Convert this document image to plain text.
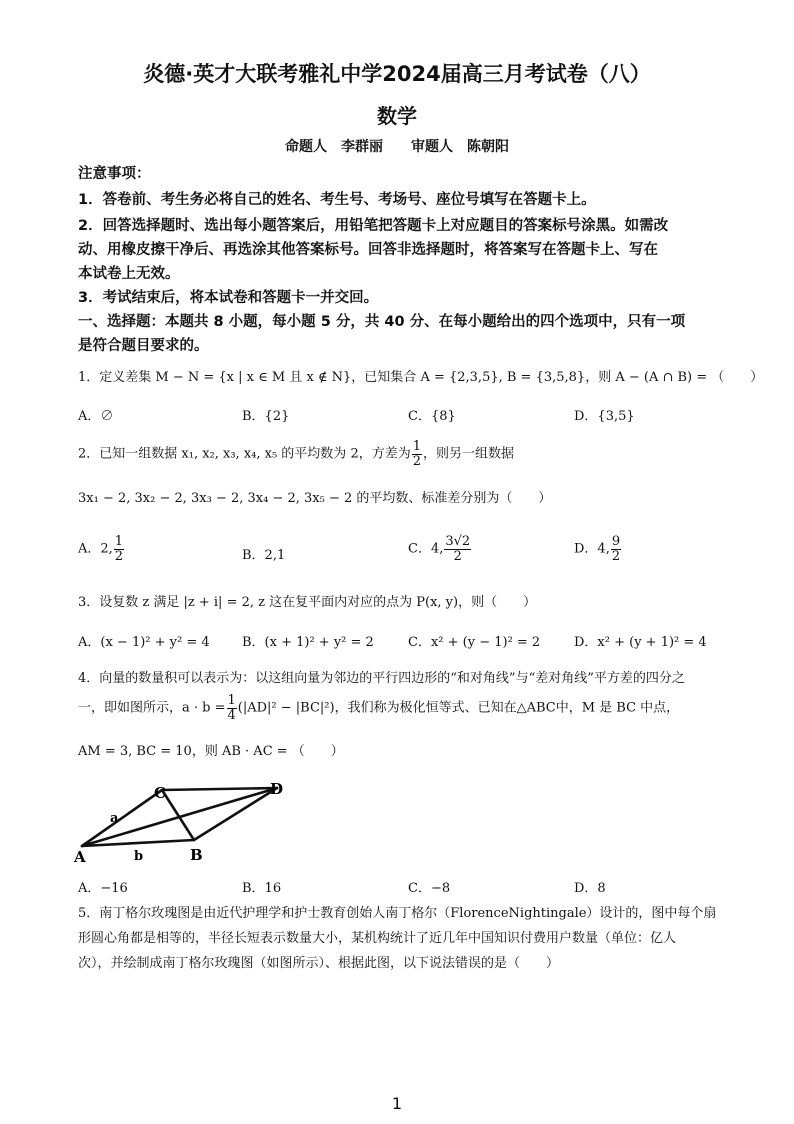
炎德·英才大联考雅礼中学2024届高三月考试卷（八）
数学
命题人　李群丽　　审题人　陈朝阳
注意事项：
1．答卷前、考生务必将自己的姓名、考生号、考场号、座位号填写在答题卡上。
2．回答选择题时、选出每小题答案后，用铅笔把答题卡上对应题目的答案标号涂黑。如需改
动、用橡皮擦干净后、再选涂其他答案标号。回答非选择题时，将答案写在答题卡上、写在
本试卷上无效。
3．考试结束后，将本试卷和答题卡一并交回。
一、选择题：本题共 8 小题，每小题 5 分，共 40 分、在每小题给出的四个选项中，只有一项
是符合题目要求的。
1．定义差集 M − N = {x | x ∈ M 且 x ∉ N}，已知集合 A = {2,3,5}, B = {3,5,8}，则 A − (A ∩ B) = （　　）
A．∅	B．{2}	C．{8}	D．{3,5}
2．已知一组数据 x₁, x₂, x₃, x₄, x₅ 的平均数为 2，方差为 $\frac{1}{2}$ ，则另一组数据
3x₁ − 2, 3x₂ − 2, 3x₃ − 2, 3x₄ − 2, 3x₅ − 2 的平均数、标准差分别为（　　）
A．2, $\frac{1}{2}$	B．2,1	C．4, $\frac{3√2}{2}$	D．4, $\frac{9}{2}$
3．设复数 z 满足 |z + i| = 2, z 这在复平面内对应的点为 P(x, y)，则（　　）
A．(x − 1)² + y² = 4 B．(x + 1)² + y² = 2	C．x² + (y − 1)² = 2	D．x² + (y + 1)² = 4
4．向量的数量积可以表示为：以这组向量为邻边的平行四边形的“和对角线”与“差对角线”平方差的四分之
一，即如图所示，$a \cdot b = \frac{1}{4} (|AD|^2 - |BC|^2)$，我们称为极化恒等式、已知在△ABC中，M 是 BC 中点，
AM = 3, BC = 10，则 AB · AC = （　　）
C	D
A	B
a
b
A．−16	B．16	C．−8	D．8
5．南丁格尔玫瑰图是由近代护理学和护士教育创始人南丁格尔（FlorenceNightingale）设计的，图中每个扇
形圆心角都是相等的，半径长短表示数量大小，某机构统计了近几年中国知识付费用户数量（单位：亿人
次），并绘制成南丁格尔玫瑰图（如图所示）、根据此图，以下说法错误的是（　　）
1
